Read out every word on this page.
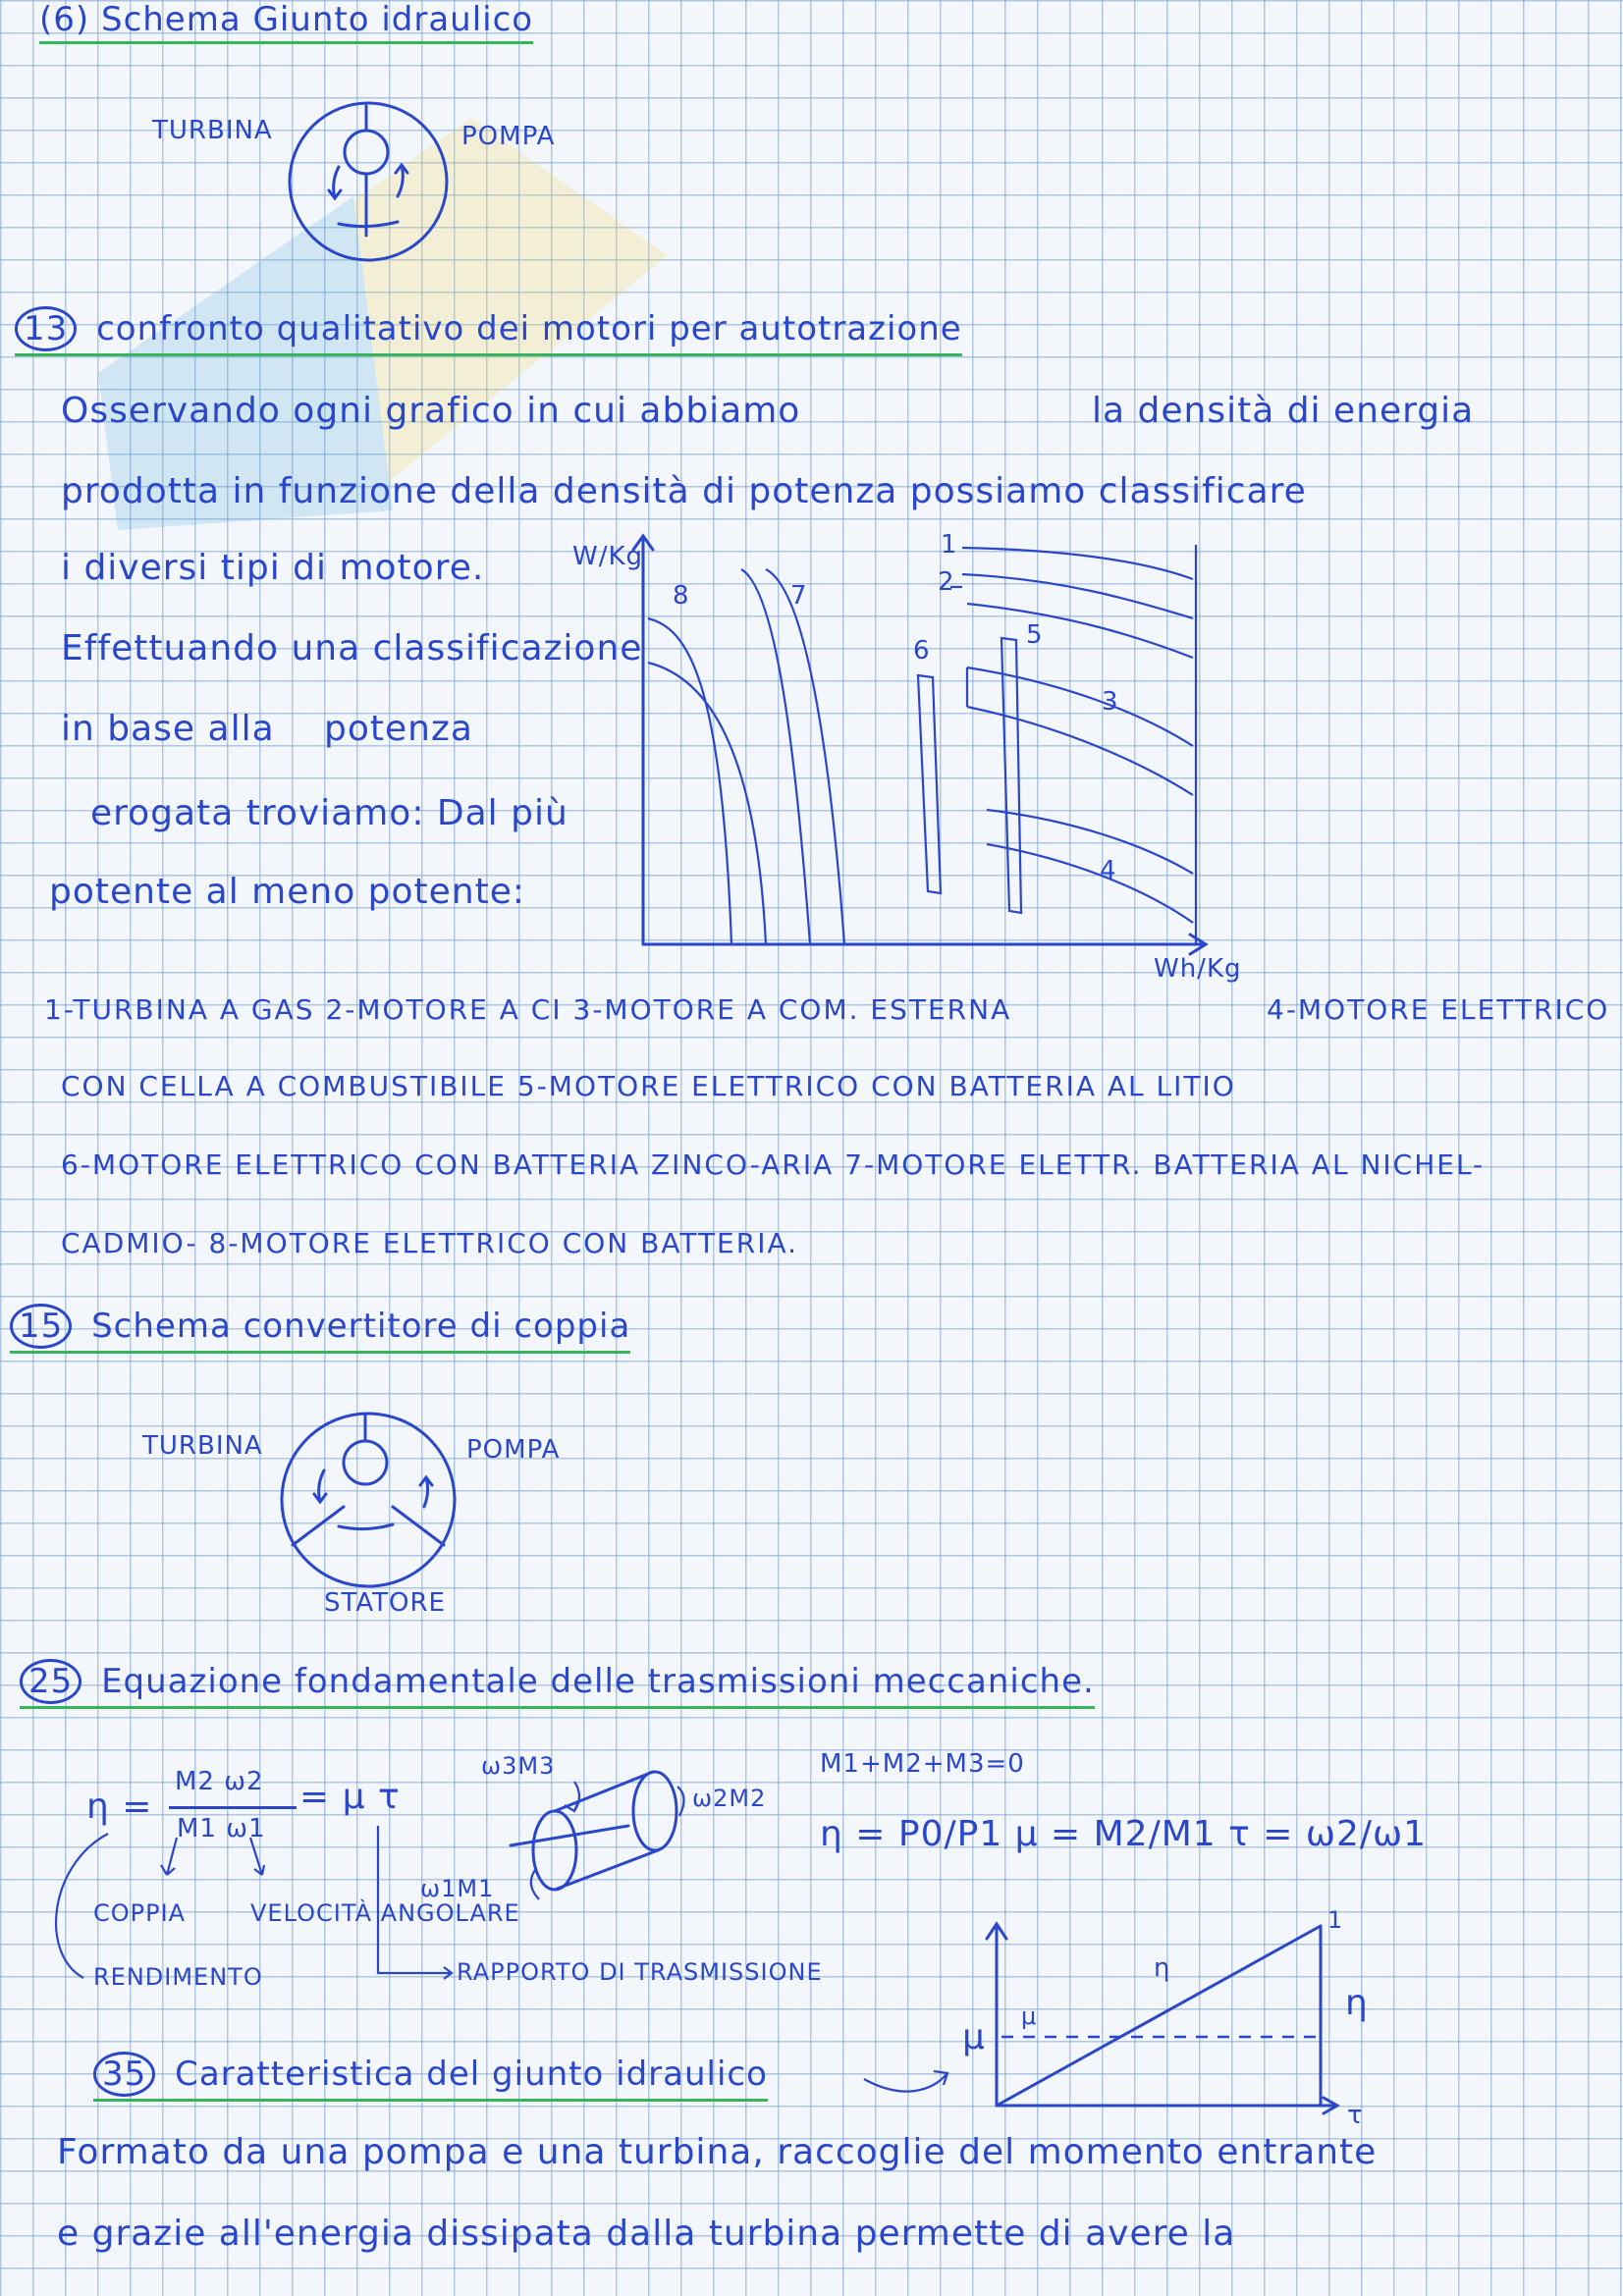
(6) Schema Giunto idraulico
TURBINA	POMPA
13 confronto qualitativo dei motori per autotrazione
Osservando ogni grafico in cui abbiamo	la densità di energia
prodotta in funzione della densità di potenza possiamo classificare
i diversi tipi di motore.
Effettuando una classificazione
in base alla potenza
erogata troviamo: Dal più
potente al meno potente:
W/Kg
Wh/Kg
1
2
3
4
5
6
7
8
1-TURBINA A GAS 2-MOTORE A CI 3-MOTORE A COM. ESTERNA	4-MOTORE ELETTRICO
CON CELLA A COMBUSTIBILE 5-MOTORE ELETTRICO CON BATTERIA AL LITIO
6-MOTORE ELETTRICO CON BATTERIA ZINCO-ARIA 7-MOTORE ELETTR. BATTERIA AL NICHEL-
CADMIO- 8-MOTORE ELETTRICO CON BATTERIA.
15 Schema convertitore di coppia
TURBINA	POMPA
STATORE
25 Equazione fondamentale delle trasmissioni meccaniche.
η =
M2 ω2
M1 ω1
= μ τ
COPPIA	VELOCITÀ ANGOLARE
RENDIMENTO	RAPPORTO DI TRASMISSIONE
ω3M3
ω2M2
ω1M1
M1+M2+M3=0
η = P0/P1 μ = M2/M1 τ = ω2/ω1
μ
μ
η
η
1
τ
35 Caratteristica del giunto idraulico
Formato da una pompa e una turbina, raccoglie del momento entrante
e grazie all'energia dissipata dalla turbina permette di avere la
